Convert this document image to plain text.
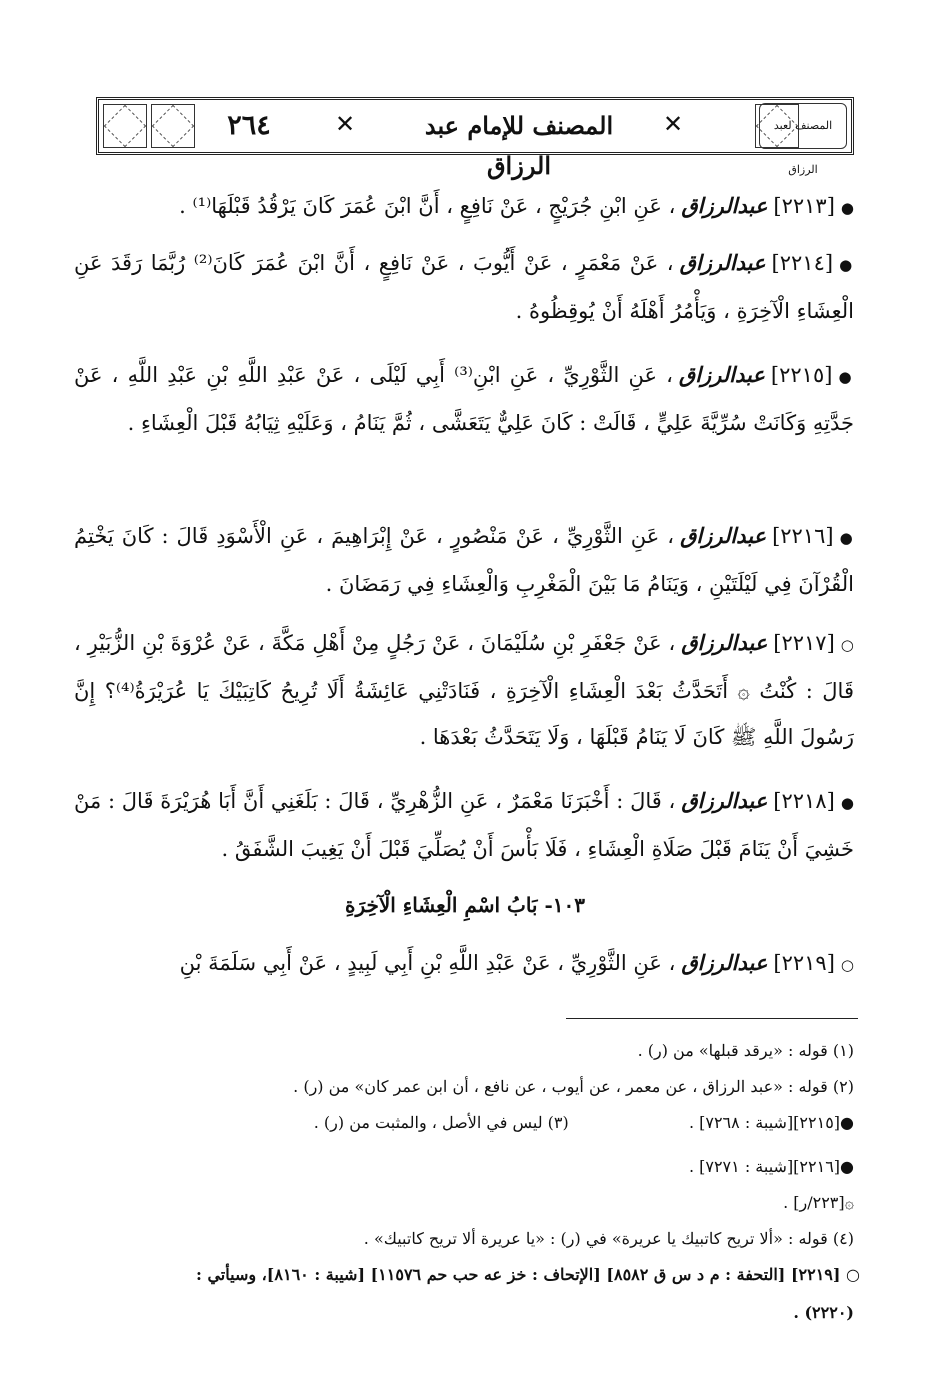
٢٦٤
✕	المصنف للإمام عبد الرزاق
✕
المصنف لعبد الرزاق
●[٢٢١٣]عبدالرزاق، عَنِ ابْنِ جُرَيْجٍ ، عَنْ نَافِعٍ ، أَنَّ ابْنَ عُمَرَ كَانَ يَرْقُدُ قَبْلَهَا⁽¹⁾ .
●[٢٢١٤]عبدالرزاق، عَنْ مَعْمَرٍ ، عَنْ أَيُّوبَ ، عَنْ نَافِعٍ ، أَنَّ ابْنَ عُمَرَ كَانَ⁽²⁾ رُبَّمَا رَقَدَ عَنِ الْعِشَاءِ الْآخِرَةِ ، وَيَأْمُرُ أَهْلَهُ أَنْ يُوقِظُوهُ .
●[٢٢١٥]عبدالرزاق، عَنِ الثَّوْرِيِّ ، عَنِ ابْنِ⁽³⁾ أَبِي لَيْلَى ، عَنْ عَبْدِ اللَّهِ بْنِ عَبْدِ اللَّهِ ، عَنْ جَدَّتِهِ وَكَانَتْ سُرِّيَّةَ عَلِيٍّ ، قَالَتْ : كَانَ عَلِيٌّ يَتَعَشَّى ، ثُمَّ يَنَامُ ، وَعَلَيْهِ ثِيَابُهُ قَبْلَ الْعِشَاءِ .
●[٢٢١٦]عبدالرزاق، عَنِ الثَّوْرِيِّ ، عَنْ مَنْصُورٍ ، عَنْ إِبْرَاهِيمَ ، عَنِ الْأَسْوَدِ قَالَ : كَانَ يَخْتِمُ الْقُرْآنَ فِي لَيْلَتَيْنِ ، وَيَنَامُ مَا بَيْنَ الْمَغْرِبِ وَالْعِشَاءِ فِي رَمَضَانَ .
○[٢٢١٧]عبدالرزاق، عَنْ جَعْفَرِ بْنِ سُلَيْمَانَ ، عَنْ رَجُلٍ مِنْ أَهْلِ مَكَّةَ ، عَنْ عُرْوَةَ بْنِ الزُّبَيْرِ ، قَالَ : كُنْتُ ۞ أَتَحَدَّثُ بَعْدَ الْعِشَاءِ الْآخِرَةِ ، فَنَادَتْنِي عَائِشَةُ أَلَا تُرِيحُ كَاتِبَيْكَ يَا عُرَيْرَةُ⁽⁴⁾؟ إِنَّ رَسُولَ اللَّهِ ﷺ كَانَ لَا يَنَامُ قَبْلَهَا ، وَلَا يَتَحَدَّثُ بَعْدَهَا .
●[٢٢١٨]عبدالرزاق، قَالَ : أَخْبَرَنَا مَعْمَرٌ ، عَنِ الزُّهْرِيِّ ، قَالَ : بَلَغَنِي أَنَّ أَبَا هُرَيْرَةَ قَالَ : مَنْ خَشِيَ أَنْ يَنَامَ قَبْلَ صَلَاةِ الْعِشَاءِ ، فَلَا بَأْسَ أَنْ يُصَلِّيَ قَبْلَ أَنْ يَغِيبَ الشَّفَقُ .
١٠٣- بَابُ اسْمِ الْعِشَاءِ الْآخِرَةِ
○[٢٢١٩]عبدالرزاق، عَنِ الثَّوْرِيِّ ، عَنْ عَبْدِ اللَّهِ بْنِ أَبِي لَبِيدٍ ، عَنْ أَبِي سَلَمَةَ بْنِ
(١) قوله : «يرقد قبلها» من (ر) .
(٢) قوله : «عبد الرزاق ، عن معمر ، عن أيوب ، عن نافع ، أن ابن عمر كان» من (ر) .
●[٢٢١٥][شيبة : ٧٢٦٨] .  (٣) ليس في الأصل ، والمثبت من (ر) .
●[٢٢١٦][شيبة : ٧٢٧١] .
۞[٢٢٣/ر] .
(٤) قوله : «ألا تريح كاتبيك يا عريرة» في (ر) : «يا عريرة ألا تريح كاتبيك» .
○ [٢٢١٩] [التحفة : م د س ق ٨٥٨٢] [الإتحاف : خز عه حب حم ١١٥٧٦] [شيبة : ٨١٦٠]، وسيأتي :
(٢٢٢٠) .
